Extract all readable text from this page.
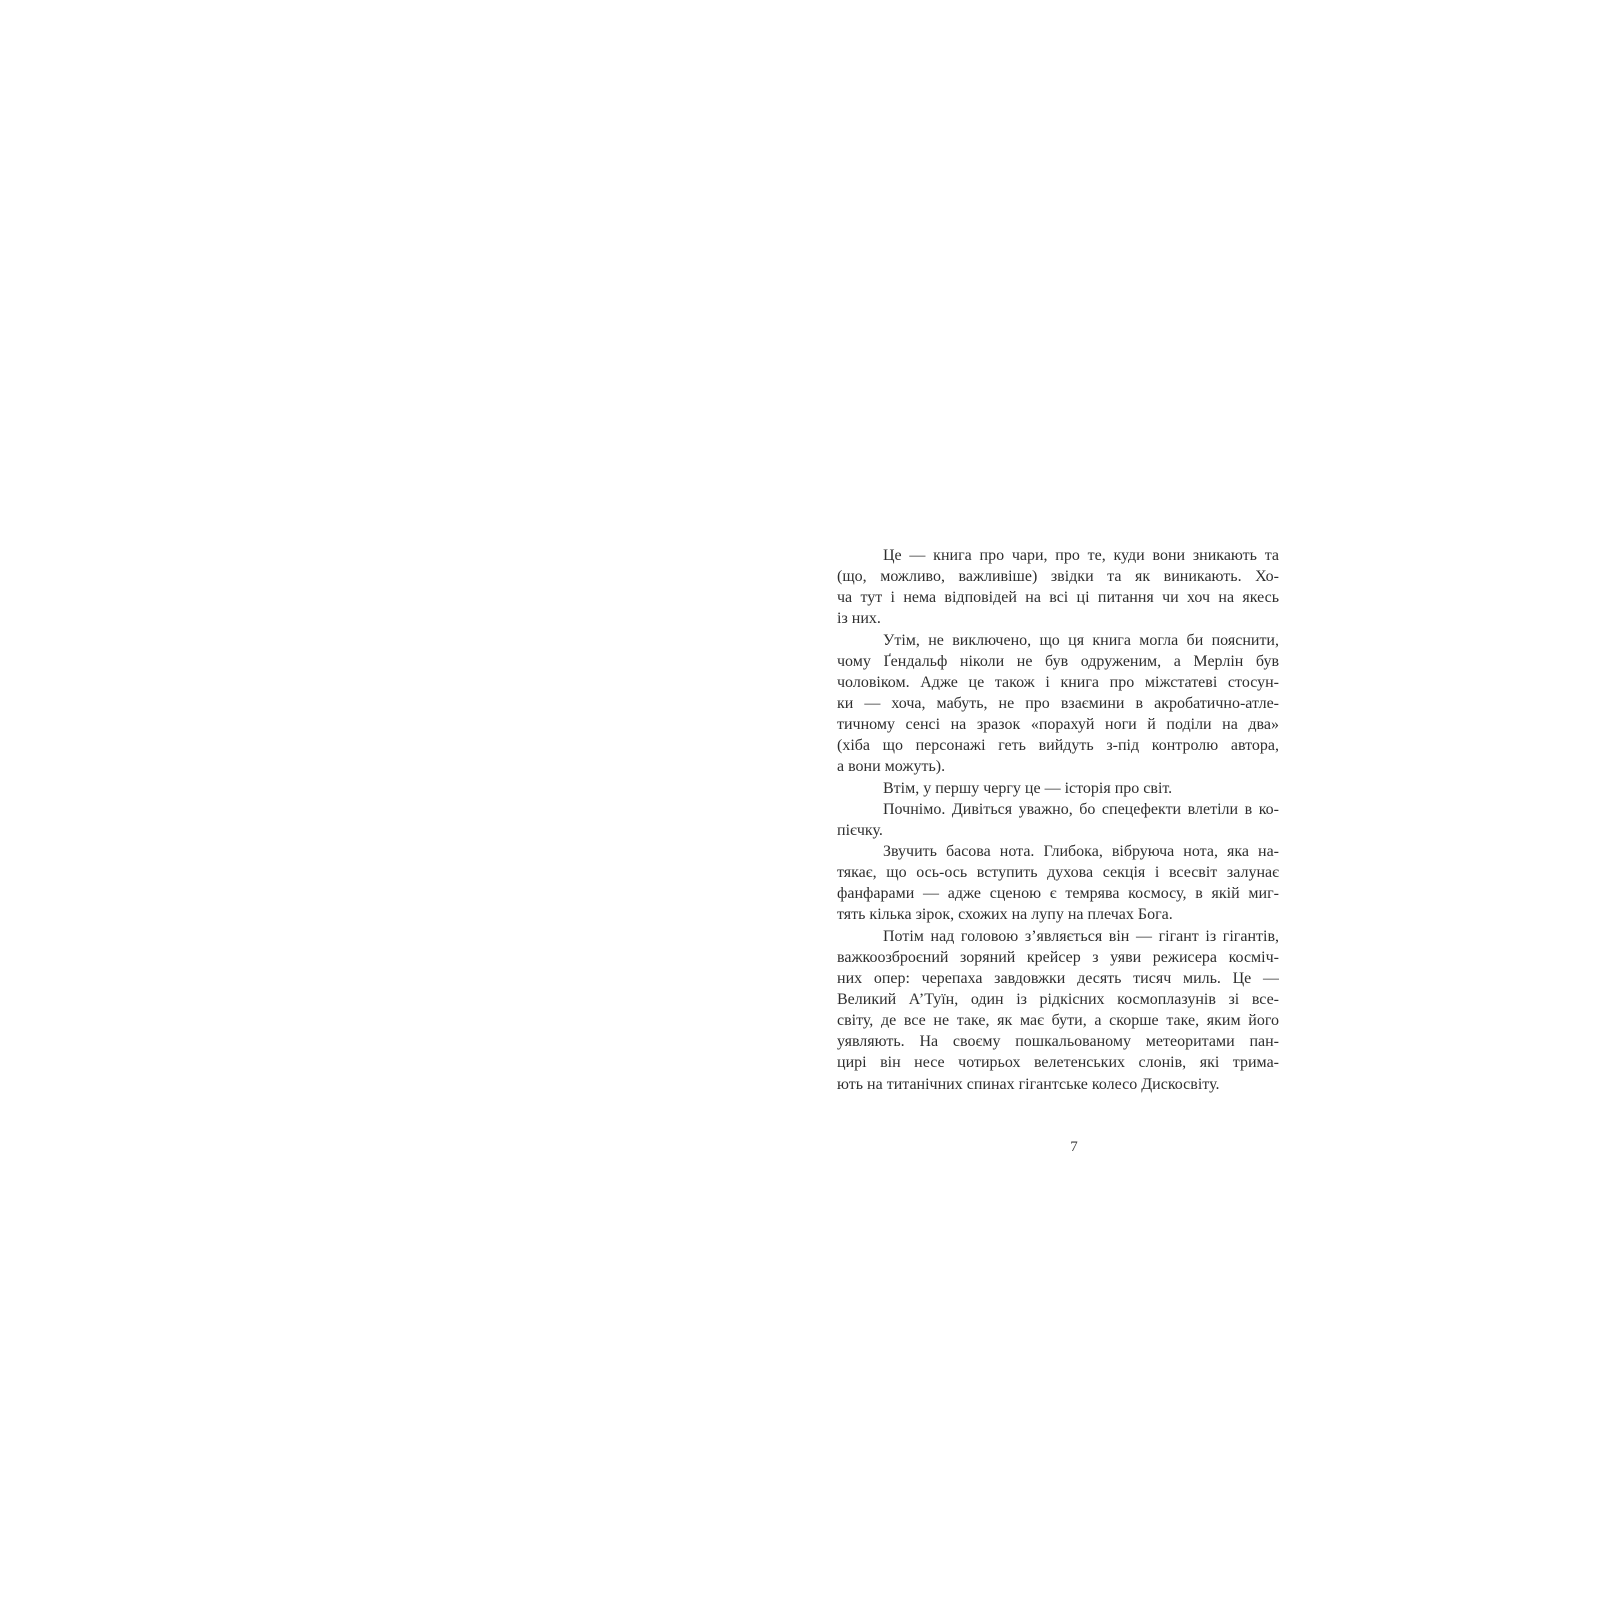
Це — книга про чари, про те, куди вони зникають та
(що, можливо, важливіше) звідки та як виникають. Хо-
ча тут і нема відповідей на всі ці питання чи хоч на якесь
із них.
Утім, не виключено, що ця книга могла би пояснити,
чому Ґендальф ніколи не був одруженим, а Мерлін був
чоловіком. Адже це також і книга про міжстатеві стосун-
ки — хоча, мабуть, не про взаємини в акробатично-атле-
тичному сенсі на зразок «порахуй ноги й поділи на два»
(хіба що персонажі геть вийдуть з-під контролю автора,
а вони можуть).
Втім, у першу чергу це — історія про світ.
Почнімо. Дивіться уважно, бо спецефекти влетіли в ко-
пієчку.
Звучить басова нота. Глибока, вібруюча нота, яка на-
тякає, що ось-ось вступить духова секція і всесвіт залунає
фанфарами — адже сценою є темрява космосу, в якій миг-
тять кілька зірок, схожих на лупу на плечах Бога.
Потім над головою з’являється він — гігант із гігантів,
важкоозброєний зоряний крейсер з уяви режисера косміч-
них опер: черепаха завдовжки десять тисяч миль. Це —
Великий А’Туїн, один із рідкісних космоплазунів зі все-
світу, де все не таке, як має бути, а скорше таке, яким його
уявляють. На своєму пошкальованому метеоритами пан-
цирі він несе чотирьох велетенських слонів, які трима-
ють на титанічних спинах гігантське колесо Дискосвіту.
7
